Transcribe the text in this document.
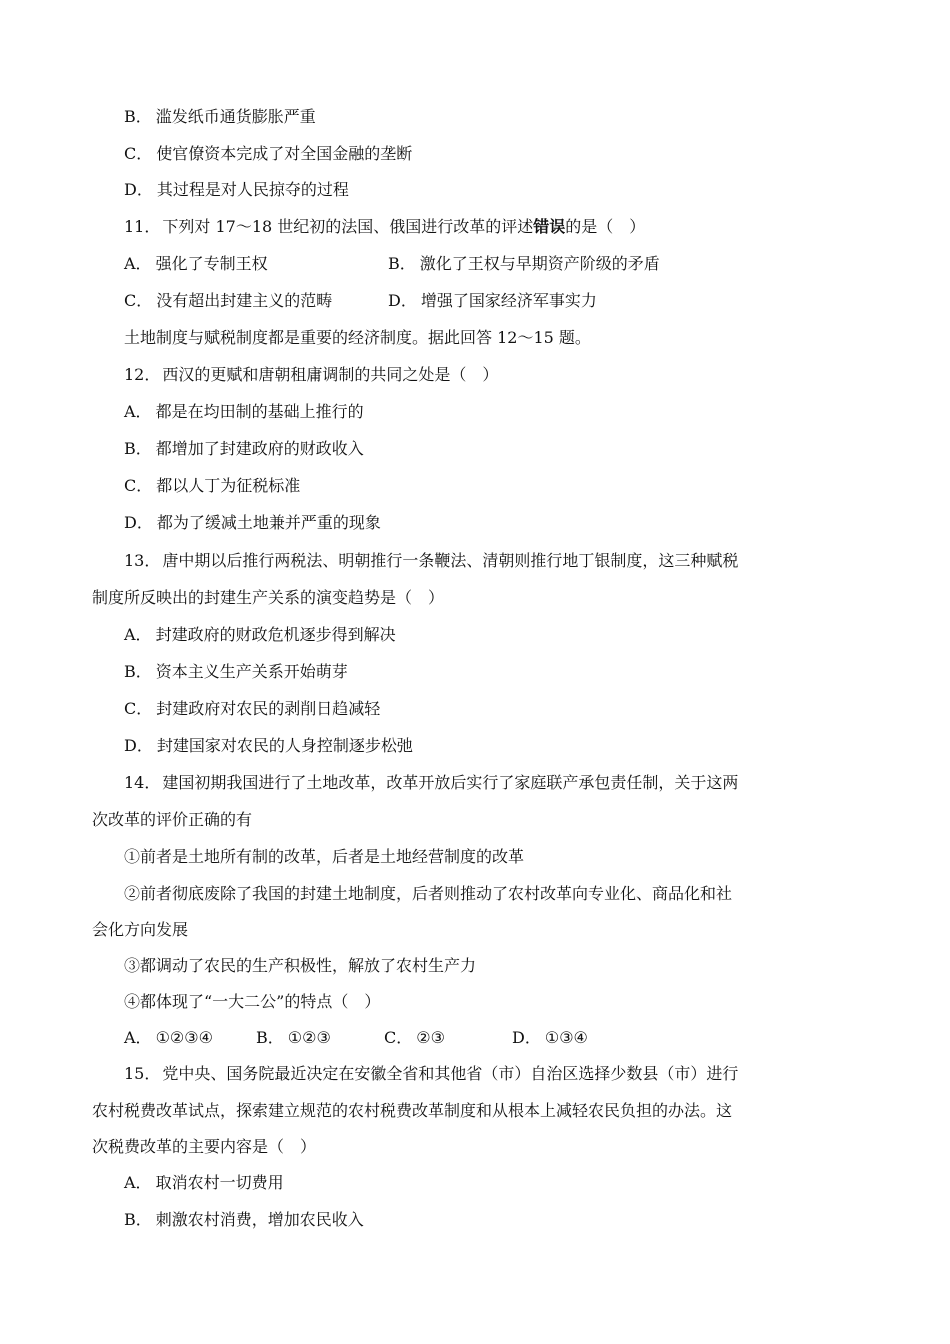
B． 滥发纸币通货膨胀严重
C． 使官僚资本完成了对全国金融的垄断
D． 其过程是对人民掠夺的过程
11． 下列对 17～18 世纪初的法国、俄国进行改革的评述错误的是（　）
A． 强化了专制王权	B． 激化了王权与早期资产阶级的矛盾
C． 没有超出封建主义的范畴	D． 增强了国家经济军事实力
土地制度与赋税制度都是重要的经济制度。据此回答 12～15 题。
12． 西汉的更赋和唐朝租庸调制的共同之处是（　）
A． 都是在均田制的基础上推行的
B． 都增加了封建政府的财政收入
C． 都以人丁为征税标准
D． 都为了缓减土地兼并严重的现象
13． 唐中期以后推行两税法、明朝推行一条鞭法、清朝则推行地丁银制度，这三种赋税
制度所反映出的封建生产关系的演变趋势是（　）
A． 封建政府的财政危机逐步得到解决
B． 资本主义生产关系开始萌芽
C． 封建政府对农民的剥削日趋减轻
D． 封建国家对农民的人身控制逐步松弛
14． 建国初期我国进行了土地改革，改革开放后实行了家庭联产承包责任制，关于这两
次改革的评价正确的有
①前者是土地所有制的改革，后者是土地经营制度的改革
②前者彻底废除了我国的封建土地制度，后者则推动了农村改革向专业化、商品化和社
会化方向发展
③都调动了农民的生产积极性，解放了农村生产力
④都体现了“一大二公”的特点（　）
A． ①②③④	B． ①②③	C． ②③	D． ①③④
15． 党中央、国务院最近决定在安徽全省和其他省（市）自治区选择少数县（市）进行
农村税费改革试点，探索建立规范的农村税费改革制度和从根本上减轻农民负担的办法。这
次税费改革的主要内容是（　）
A． 取消农村一切费用
B． 刺激农村消费，增加农民收入
